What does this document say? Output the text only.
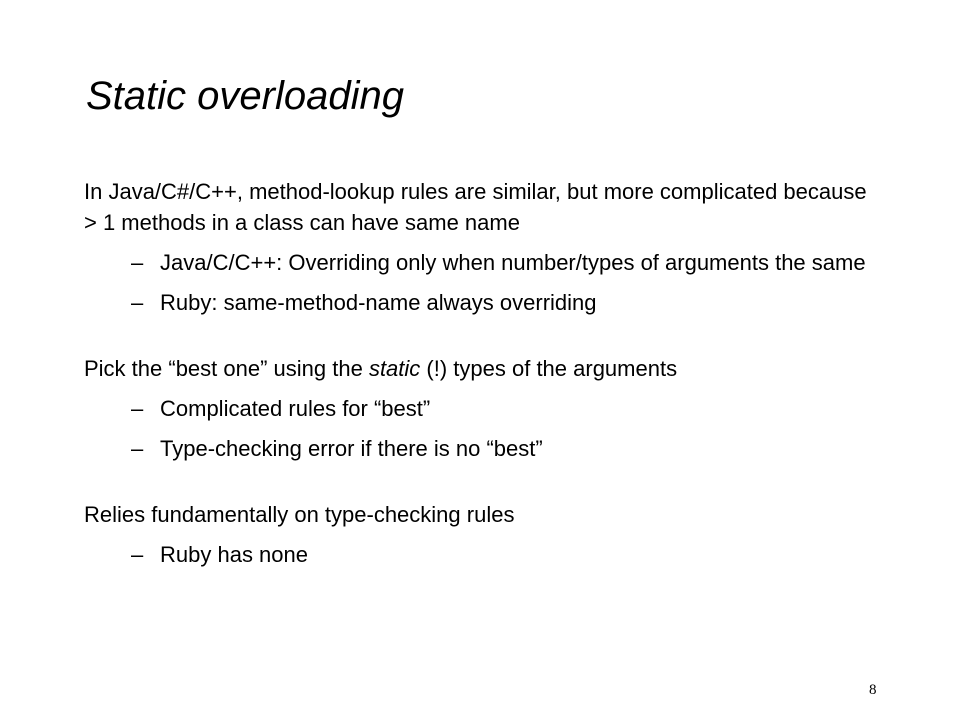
Static overloading

In Java/C#/C++, method-lookup rules are similar, but more complicated because > 1 methods in a class can have same name

– Java/C/C++: Overriding only when number/types of arguments the same
– Ruby: same-method-name always overriding

Pick the “best one” using the static (!) types of the arguments

– Complicated rules for “best”
– Type-checking error if there is no “best”

Relies fundamentally on type-checking rules

– Ruby has none
8
